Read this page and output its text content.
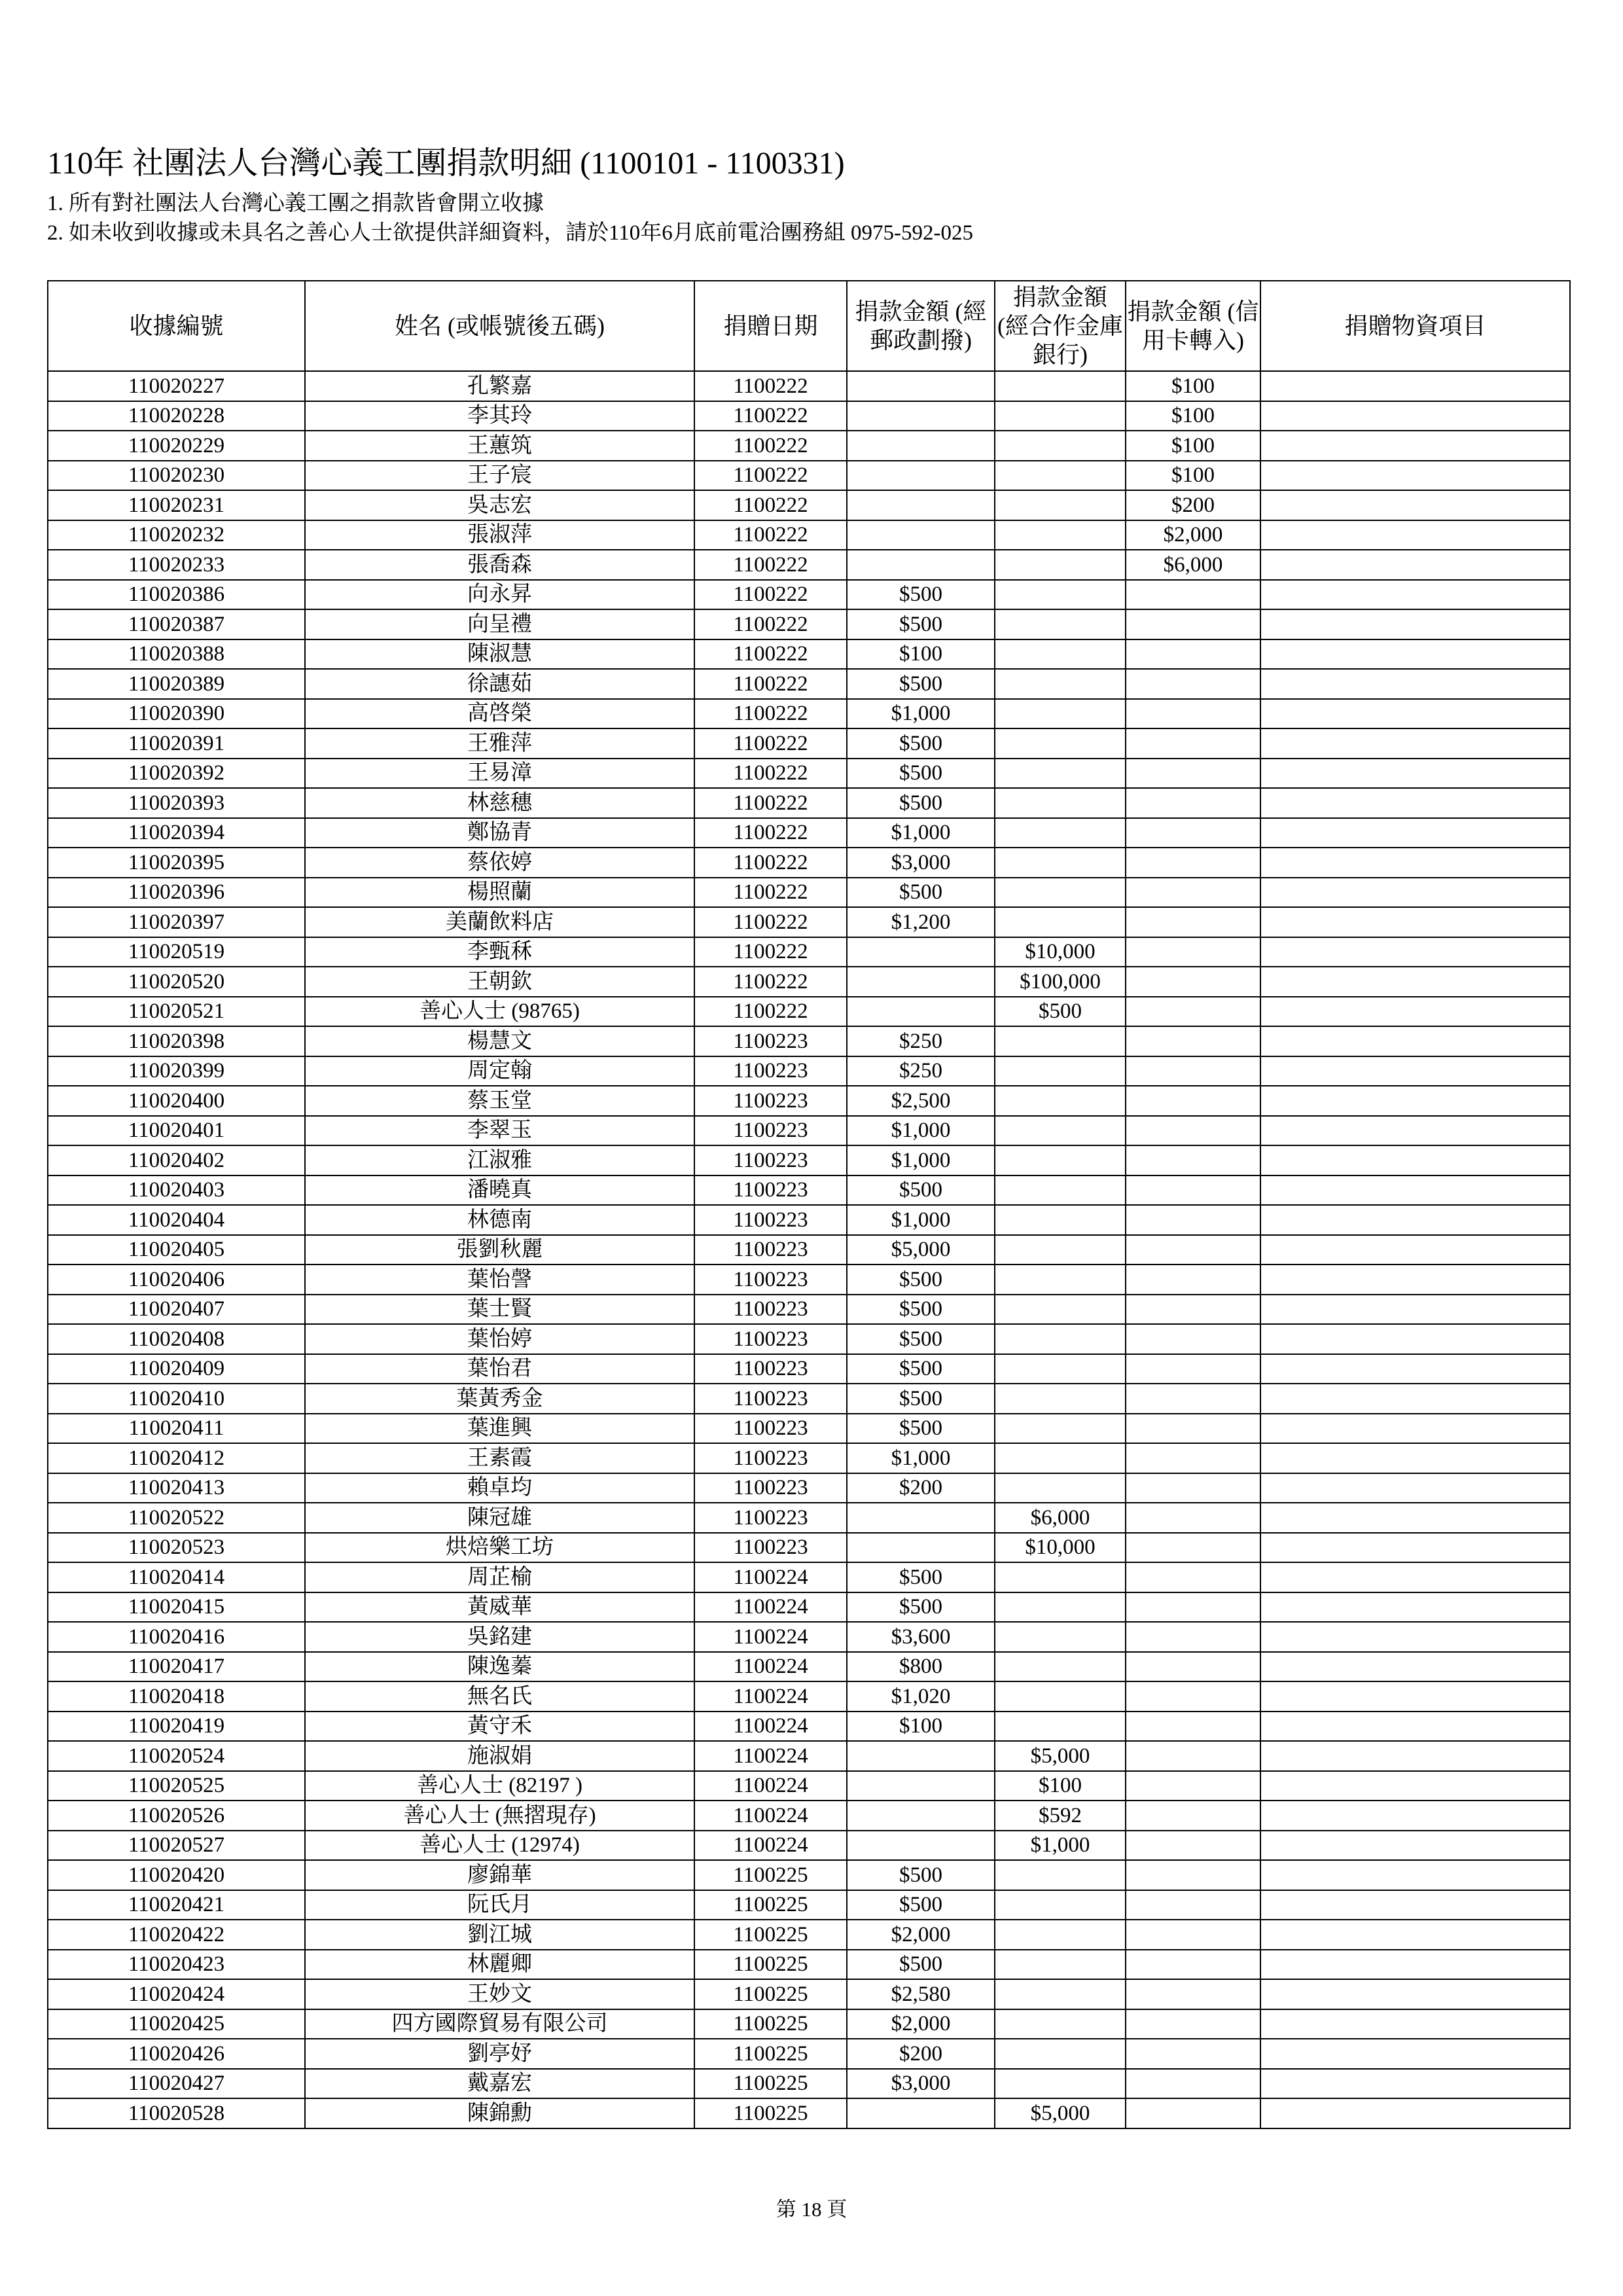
110年 社團法人台灣心義工團捐款明細 (1100101 - 1100331)
1. 所有對社團法人台灣心義工團之捐款皆會開立收據
2. 如未收到收據或未具名之善心人士欲提供詳細資料，請於110年6月底前電洽團務組 0975-592-025
收據編號	姓名 (或帳號後五碼)	捐贈日期	捐款金額 (經郵政劃撥)	捐款金額 (經合作金庫銀行)	捐款金額 (信用卡轉入)	捐贈物資項目
110020227	孔繁嘉	1100222			$100	
110020228	李其玲	1100222			$100	
110020229	王蕙筑	1100222			$100	
110020230	王子宸	1100222			$100	
110020231	吳志宏	1100222			$200	
110020232	張淑萍	1100222			$2,000	
110020233	張喬森	1100222			$6,000	
110020386	向永昇	1100222	$500			
110020387	向呈禮	1100222	$500			
110020388	陳淑慧	1100222	$100			
110020389	徐譓茹	1100222	$500			
110020390	高啓榮	1100222	$1,000			
110020391	王雅萍	1100222	$500			
110020392	王易漳	1100222	$500			
110020393	林慈穗	1100222	$500			
110020394	鄭協青	1100222	$1,000			
110020395	蔡依婷	1100222	$3,000			
110020396	楊照蘭	1100222	$500			
110020397	美蘭飲料店	1100222	$1,200			
110020519	李甄秝	1100222		$10,000		
110020520	王朝欽	1100222		$100,000		
110020521	善心人士 (98765)	1100222		$500		
110020398	楊慧文	1100223	$250			
110020399	周定翰	1100223	$250			
110020400	蔡玉堂	1100223	$2,500			
110020401	李翠玉	1100223	$1,000			
110020402	江淑雅	1100223	$1,000			
110020403	潘曉真	1100223	$500			
110020404	林德南	1100223	$1,000			
110020405	張劉秋麗	1100223	$5,000			
110020406	葉怡謦	1100223	$500			
110020407	葉士賢	1100223	$500			
110020408	葉怡婷	1100223	$500			
110020409	葉怡君	1100223	$500			
110020410	葉黃秀金	1100223	$500			
110020411	葉進興	1100223	$500			
110020412	王素霞	1100223	$1,000			
110020413	賴卓均	1100223	$200			
110020522	陳冠雄	1100223		$6,000		
110020523	烘焙樂工坊	1100223		$10,000		
110020414	周芷榆	1100224	$500			
110020415	黃威華	1100224	$500			
110020416	吳銘建	1100224	$3,600			
110020417	陳逸蓁	1100224	$800			
110020418	無名氏	1100224	$1,020			
110020419	黃守禾	1100224	$100			
110020524	施淑娟	1100224		$5,000		
110020525	善心人士 (82197 )	1100224		$100		
110020526	善心人士 (無摺現存)	1100224		$592		
110020527	善心人士 (12974)	1100224		$1,000		
110020420	廖錦華	1100225	$500			
110020421	阮氏月	1100225	$500			
110020422	劉江城	1100225	$2,000			
110020423	林麗卿	1100225	$500			
110020424	王妙文	1100225	$2,580			
110020425	四方國際貿易有限公司	1100225	$2,000			
110020426	劉亭妤	1100225	$200			
110020427	戴嘉宏	1100225	$3,000			
110020528	陳錦勳	1100225		$5,000		
第 18 頁
